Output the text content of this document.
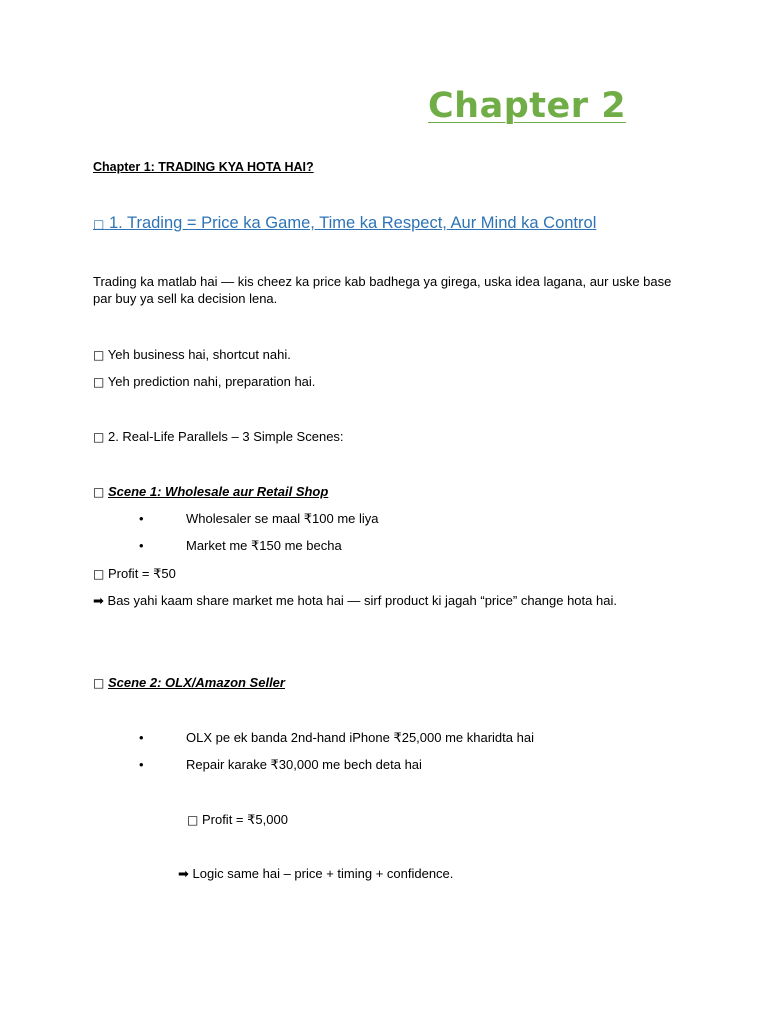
Chapter 2
Chapter 1: TRADING KYA HOTA HAI?
□ 1. Trading = Price ka Game, Time ka Respect, Aur Mind ka Control
Trading ka matlab hai — kis cheez ka price kab badhega ya girega, uska idea lagana, aur uske base par buy ya sell ka decision lena.
□ Yeh business hai, shortcut nahi.
□ Yeh prediction nahi, preparation hai.
□ 2. Real-Life Parallels – 3 Simple Scenes:
□ Scene 1: Wholesale aur Retail Shop
•	Wholesaler se maal ₹100 me liya
•	Market me ₹150 me becha
□ Profit = ₹50
➡ Bas yahi kaam share market me hota hai — sirf product ki jagah “price” change hota hai.
□ Scene 2: OLX/Amazon Seller
•	OLX pe ek banda 2nd-hand iPhone ₹25,000 me kharidta hai
•	Repair karake ₹30,000 me bech deta hai
□ Profit = ₹5,000
➡ Logic same hai – price + timing + confidence.
